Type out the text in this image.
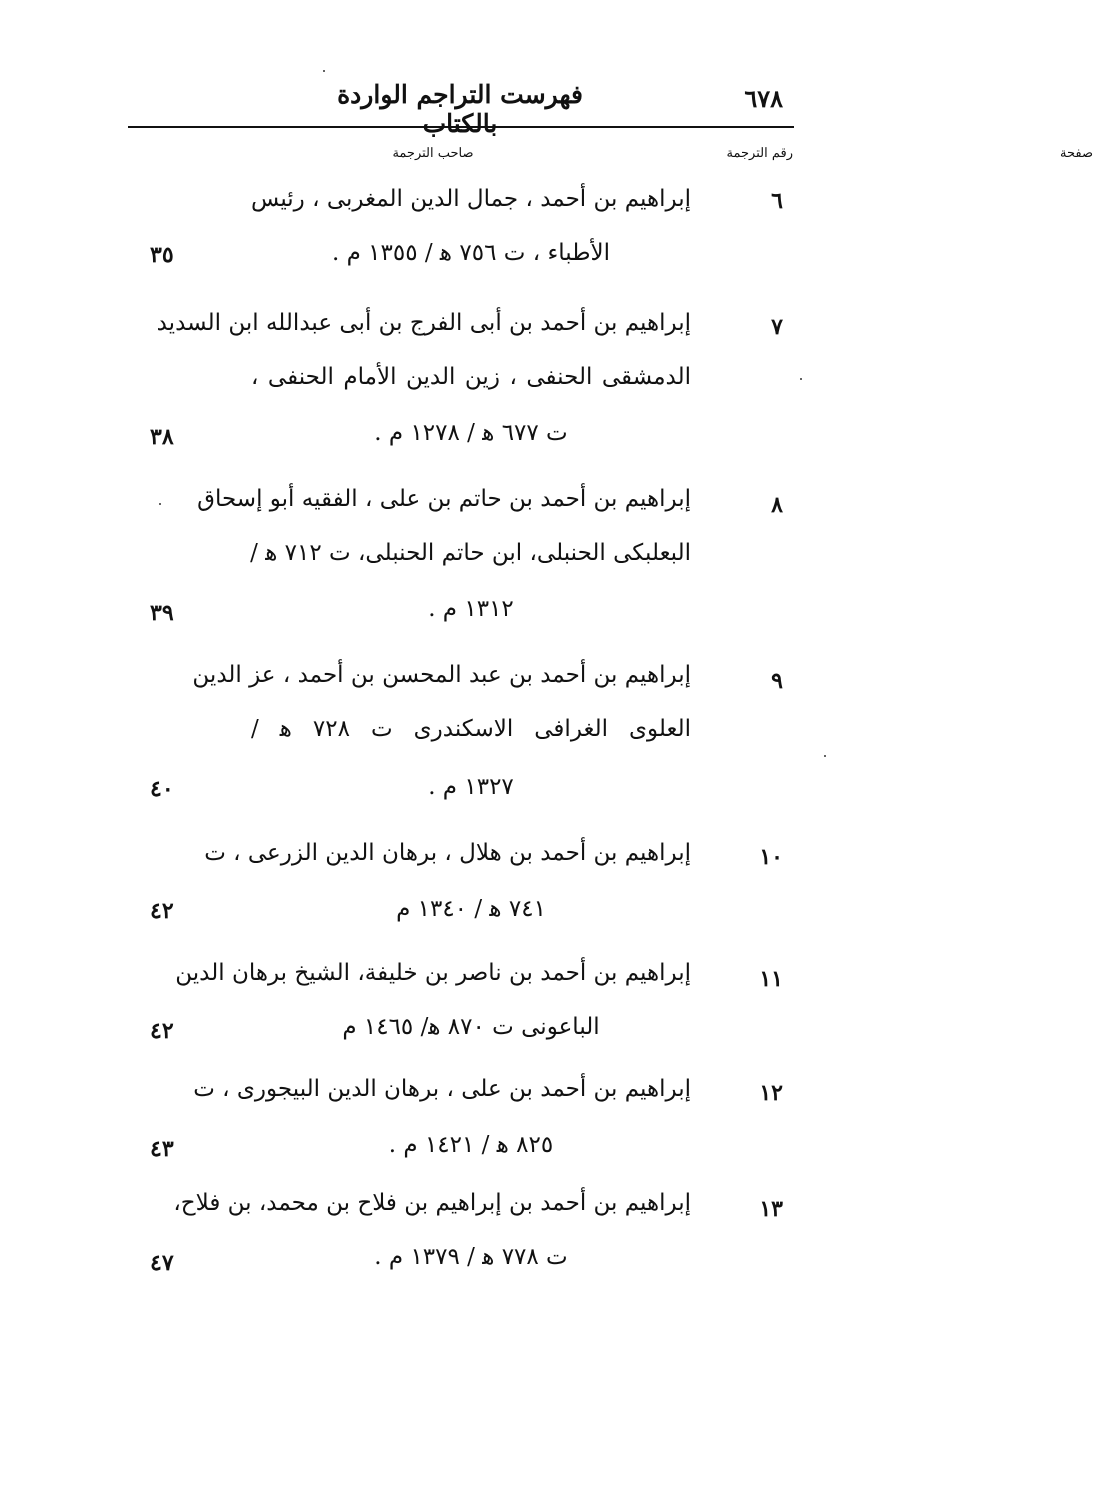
٦٧٨
فهرست التراجم الواردة بالكتاب
رقم الترجمة
صاحب الترجمة	صفحة
٦
إبراهيم بن أحمد ، جمال الدين المغربى ، رئيس
الأطباء ، ت ٧٥٦ ﻫ / ١٣٥٥ م .
٣٥
٧
إبراهيم بن أحمد بن أبى الفرج بن أبى عبدالله ابن السديد
الدمشقى الحنفى ، زين الدين الأمام الحنفى ،
ت ٦٧٧ ﻫ / ١٢٧٨ م .
٣٨
٨
إبراهيم بن أحمد بن حاتم بن على ، الفقيه أبو إسحاق
البعلبكى الحنبلى، ابن حاتم الحنبلى، ت ٧١٢ ﻫ /
١٣١٢ م .
٣٩
٩
إبراهيم بن أحمد بن عبد المحسن بن أحمد ، عز الدين
العلوى الغرافى الاسكندرى ت ٧٢٨ ﻫ /
١٣٢٧ م .
٤٠
١٠
إبراهيم بن أحمد بن هلال ، برهان الدين الزرعى ، ت
٧٤١ ﻫ / ١٣٤٠ م
٤٢
١١
إبراهيم بن أحمد بن ناصر بن خليفة، الشيخ برهان الدين
الباعونى ت ٨٧٠ ﻫ/ ١٤٦٥ م
٤٢
١٢
إبراهيم بن أحمد بن على ، برهان الدين البيجورى ، ت
٨٢٥ ﻫ / ١٤٢١ م .
٤٣
١٣
إبراهيم بن أحمد بن إبراهيم بن فلاح بن محمد، بن فلاح،
ت ٧٧٨ ﻫ / ١٣٧٩ م .
٤٧
